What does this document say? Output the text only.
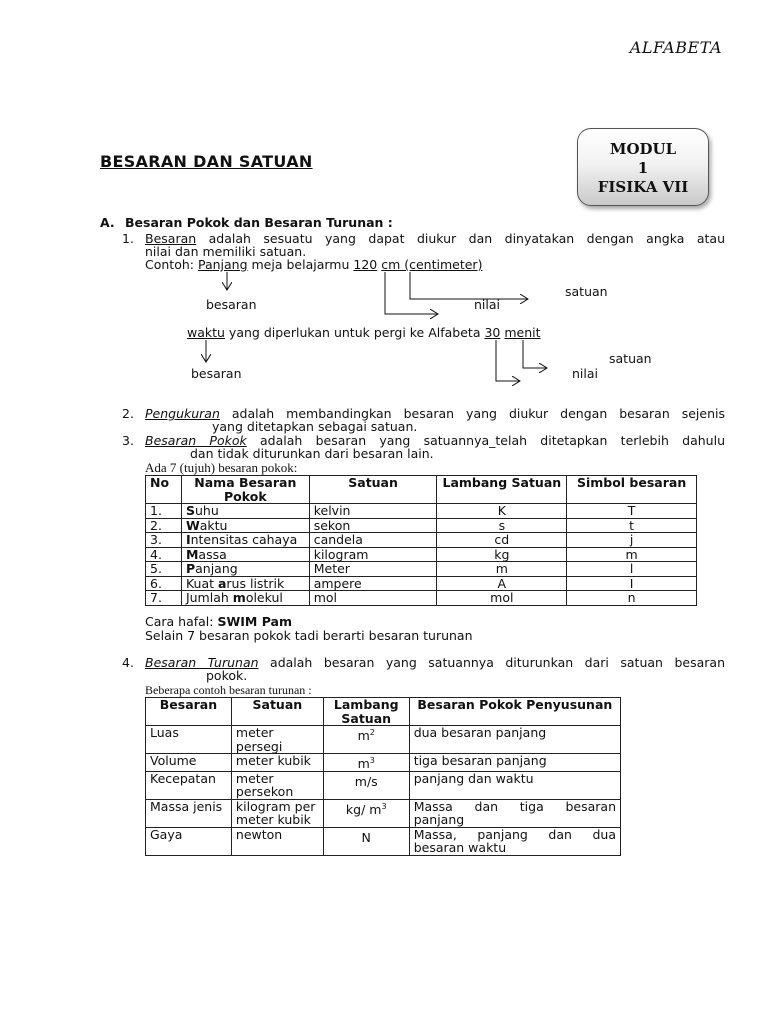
ALFABETA
MODUL
1
FISIKA VII
BESARAN DAN SATUAN
A. Besaran Pokok dan Besaran Turunan :
1. Besaran adalah sesuatu yang dapat diukur dan dinyatakan dengan angka atau
nilai dan memiliki satuan.
Contoh: Panjang meja belajarmu 120 cm (centimeter)
besaran	nilai
satuan
waktu yang diperlukan untuk pergi ke Alfabeta 30 menit
besaran	nilai
satuan
2. Pengukuran adalah membandingkan besaran yang diukur dengan besaran sejenis
yang ditetapkan sebagai satuan.
3. Besaran Pokok adalah besaran yang satuannya_telah ditetapkan terlebih dahulu
dan tidak diturunkan dari besaran lain.
Ada 7 (tujuh) besaran pokok:
No	Nama Besaran Pokok	Satuan	Lambang Satuan	Simbol besaran
1.	Suhu	kelvin	K	T
2.	Waktu	sekon	s	t
3.	Intensitas cahaya	candela	cd	j
4.	Massa	kilogram	kg	m
5.	Panjang	Meter	m	l
6.	Kuat arus listrik	ampere	A	I
7.	Jumlah molekul	mol	mol	n
Cara hafal: SWIM Pam
Selain 7 besaran pokok tadi berarti besaran turunan
4. Besaran Turunan adalah besaran yang satuannya diturunkan dari satuan besaran
pokok.
Beberapa contoh besaran turunan :
Besaran	Satuan	Lambang Satuan	Besaran Pokok Penyusunan
Luas	meter persegi	$m^2$	dua besaran panjang
Volume	meter kubik	$m^3$	tiga besaran panjang
Kecepatan	meter persekon	m/s	panjang dan waktu
Massa jenis	kilogram per meter kubik	kg/ $m^3$	Massa dan tiga besaran panjang
Gaya	newton	N	Massa, panjang dan dua besaran waktu
